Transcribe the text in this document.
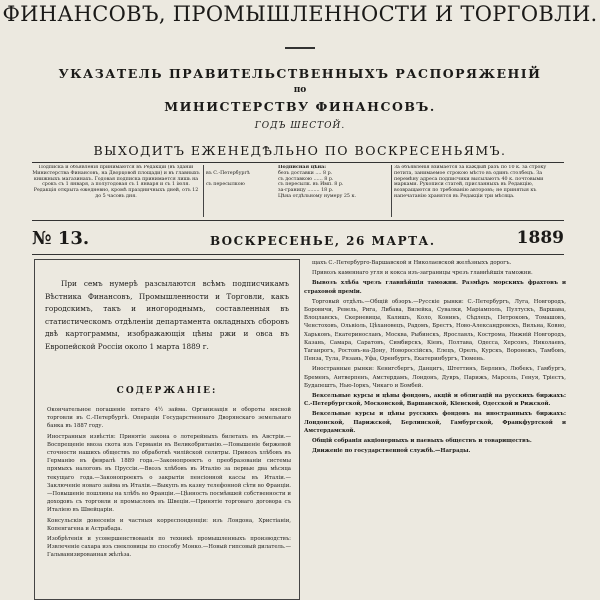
ФИНАНСОВЪ, ПРОМЫШЛЕННОСТИ И ТОРГОВЛИ.
УКАЗАТЕЛЬ ПРАВИТЕЛЬСТВЕННЫХЪ РАСПОРЯЖЕНІЙ
по
МИНИСТЕРСТВУ ФИНАНСОВЪ.
ГОДЪ ШЕСТОЙ.
ВЫХОДИТЪ ЕЖЕНЕДѢЛЬНО ПО ВОСКРЕСЕНЬЯМЪ.
Подписка и объявленія принимаются въ Редакціи (въ зданіи Министерства Финансовъ, на Дворцовой площади) и въ главныхъ книжныхъ магазинахъ. Годовая подписка принимается лишь на срокъ съ 1 января, а полугодовая съ 1 января и съ 1 іюля. Редакція открыта ежедневно, кромѣ праздничныхъ дней, отъ 12 до 5 часовъ дня.

въ С.-Петербургѣ

съ пересылкою

Подписная цѣна:

безъ доставки .... 8 р.

съ доставкою ...... 8 р.

съ пересылк. въ Имп. 8 р.

за-границу ........ 18 р.

Цѣна отдѣльному нумеру 25 к.

За объявленія взимается за каждый разъ по 10 к. за строку петита, занимаемое строкою мѣсто въ одинъ столбецъ. За перемѣну адреса подписчики высылаютъ 40 к. почтовыми марками. Рукописи статей, присланныхъ въ Редакцію, возвращаются по требованію авторовъ; не принятыя къ напечатанію хранятся въ Редакціи три мѣсяца.
№ 13.	ВОСКРЕСЕНЬЕ, 26 МАРТА.	1889

При семъ нумерѣ разсылаются всѣмъ подписчикамъ Вѣстника Финансовъ, Промышленности и Торговли, какъ городскимъ, такъ и иногороднымъ, составленныя въ статистическомъ отдѣленіи департамента окладныхъ сборовъ двѣ картограммы, изображающія цѣны ржи и овса въ Европейской Россіи около 1 марта 1889 г.

СОДЕРЖАНІЕ:

Окончательное погашеніе пятаго 4½ займа. Организація и обороты мясной торговли въ С.-Петербургѣ. Операціи Государственнаго Дворянскаго земельнаго банка въ 1887 году.

Иностранныя извѣстія: Принятіе закона о лотерейныхъ билетахъ въ Австріи.—Воспрещеніе ввоза скота изъ Германіи въ Великобританію.—Повышеніе биржевой сточности нашихъ обществъ по обработкѣ чилійской селитры. Привозъ хлѣбовъ въ Германію въ февралѣ 1889 года.—Законопроектъ о преобразованіи системы прямыхъ налоговъ въ Пруссіи.—Ввозъ хлѣбовъ въ Италію за первые два мѣсяца текущаго года.—Законопроектъ о закрытіи пенсіонной кассы въ Италіи.—Заключеніе новаго займа въ Италіи.—Выкупъ въ казну телефонной сѣти во Франціи.—Повышеніе пошлины на хлѣбъ во Франціи.—Цѣнность посмѣвшей собственности и доходовъ съ торговли и промысловъ въ Швеціи.—Принятіе торговаго договора съ Италіею въ Швейцаріи.

Консульскія донесенія и частныя корреспонденціи: изъ Лондона, Христіаніи, Копенгагена и Астрабада.

Изобрѣтенія и усовершенствованія по техникѣ промышленныхъ производствъ: Извлеченіе сахара изъ свекловицы по способу Монко.—Новый гипсовый дилатель.—Гальванизированная жѣлѣза.

щахъ С.-Петербурго-Варшавской и Николаевской желѣзныхъ дорогъ.

Привозъ каменнаго угля и кокса изъ-заграницы чрезъ главнѣйшія таможни.

Вывозъ хлѣба чрезъ главнѣйшія таможни. Размѣръ морскихъ фрахтовъ и страховой преміи.

Торговый отдѣлъ.—Общій обзоръ.—Русскіе рынки: С.-Петербургъ, Луга, Новгородъ, Боровичи, Ревель, Рига, Либава, Вилейка, Сувалки, Маріамполь, Пултускъ, Варшава, Влоцлавскъ, Скерневицы, Калишъ, Коло, Конинъ, Сѣдлецъ, Петроковъ, Томашовъ, Ченстоховъ, Ольвіоль, Цѣхановецъ, Радомъ, Брестъ, Ново-Александровскъ, Вильна, Ковно, Харьковъ, Екатеринославъ, Москва, Рыбинскъ, Ярославль, Кострома, Нижній Новгородъ, Казань, Самара, Саратовъ, Симбирскъ, Кіевъ, Полтава, Одесса, Херсонъ, Николаевъ, Таганрогъ, Ростовъ-на-Дону, Новороссійскъ, Елецъ, Орелъ, Курскъ, Воронежъ, Тамбовъ, Пенза, Тула, Рязань, Уфа, Оренбургъ, Екатеринбургъ, Тюмень.

Иностранные рынки: Кенигсбергъ, Данцигъ, Штеттинъ, Берлинъ, Любекъ, Гамбургъ, Бременъ, Антверпенъ, Амстердамъ, Лондонъ, Дувръ, Парижъ, Марсель, Генуя, Тріестъ, Будапештъ, Нью-Іоркъ, Чикаго и Бомбей.

Вексельные курсы и цѣны фондовъ, акцій и облигацій на русскихъ биржахъ: С.-Петербургской, Московской, Варшавской, Кіевской, Одесской и Рижской.

Вексельные курсы и цѣны русскихъ фондовъ на иностранныхъ биржахъ: Лондонской, Парижской, Берлинской, Гамбургской, Франкфуртской и Амстердамской.

Общій собранія акціонерныхъ и паевыхъ обществъ и товариществъ.

Движеніе по государственной службѣ.—Награды.
